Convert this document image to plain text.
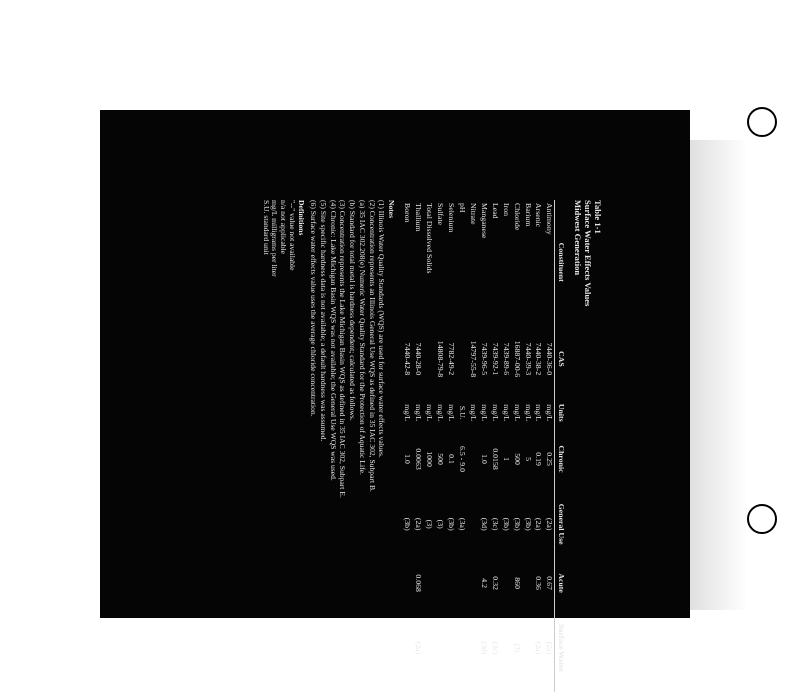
Table 1-1
Surface Water Effects Values
Midwest Generation
Constituent	CAS	Units	Chronic	General Use	Acute	Surface Water
Antimony	7440-36-0	mg/L	0.25	(2a)	0.67	(2a)
Arsenic	7440-38-2	mg/L	0.19	(2a)	0.36	(2a)
Barium	7440-39-3	mg/L	5	(3b)		
Chloride	16887-00-6	mg/L	500	(3b)	860	(3)
Iron	7439-89-6	mg/L	1	(3b)		
Lead	7439-92-1	mg/L	0.0158	(3c)	0.32	(3c)
Manganese	7439-96-5	mg/L	1.0	(3d)	4.2	(3d)
Nitrate	14797-55-8	mg/L				
pH		S.U.	6.5 - 9.0	(3a)		
Selenium	7782-49-2	mg/L	0.1	(3b)		
Sulfate	14808-79-8	mg/L	500	(3)		
Total Dissolved Solids		mg/L	1000	(3)		
Thallium	7440-28-0	mg/L	0.0063	(2a)	0.068	(2a)
Boron	7440-42-8	mg/L	1.0	(3b)		

Notes

(1) Illinois Water Quality Standards (WQS) are used for surface water effects values.

(2) Concentration represents an Illinois General Use WQS as defined in 35 IAC 302, Subpart B.

(a) 35 IAC 302.208(e) Numeric Water Quality Standard for the Protection of Aquatic Life.

(b) Standard for total metal is hardness dependent; calculated as follows.

(3) Concentration represents the Lake Michigan Basin WQS as defined in 35 IAC 302, Subpart E.

(4) Chronic: Lake Michigan Basin WQS was not available; the General Use WQS was used.

(5) Site specific hardness data is not available; a default hardness was assumed.

(6) Surface water effects value uses the average chloride concentration.

Definitions

"--" value not available

n/a not applicable

mg/L milligrams per liter

S.U. standard unit
